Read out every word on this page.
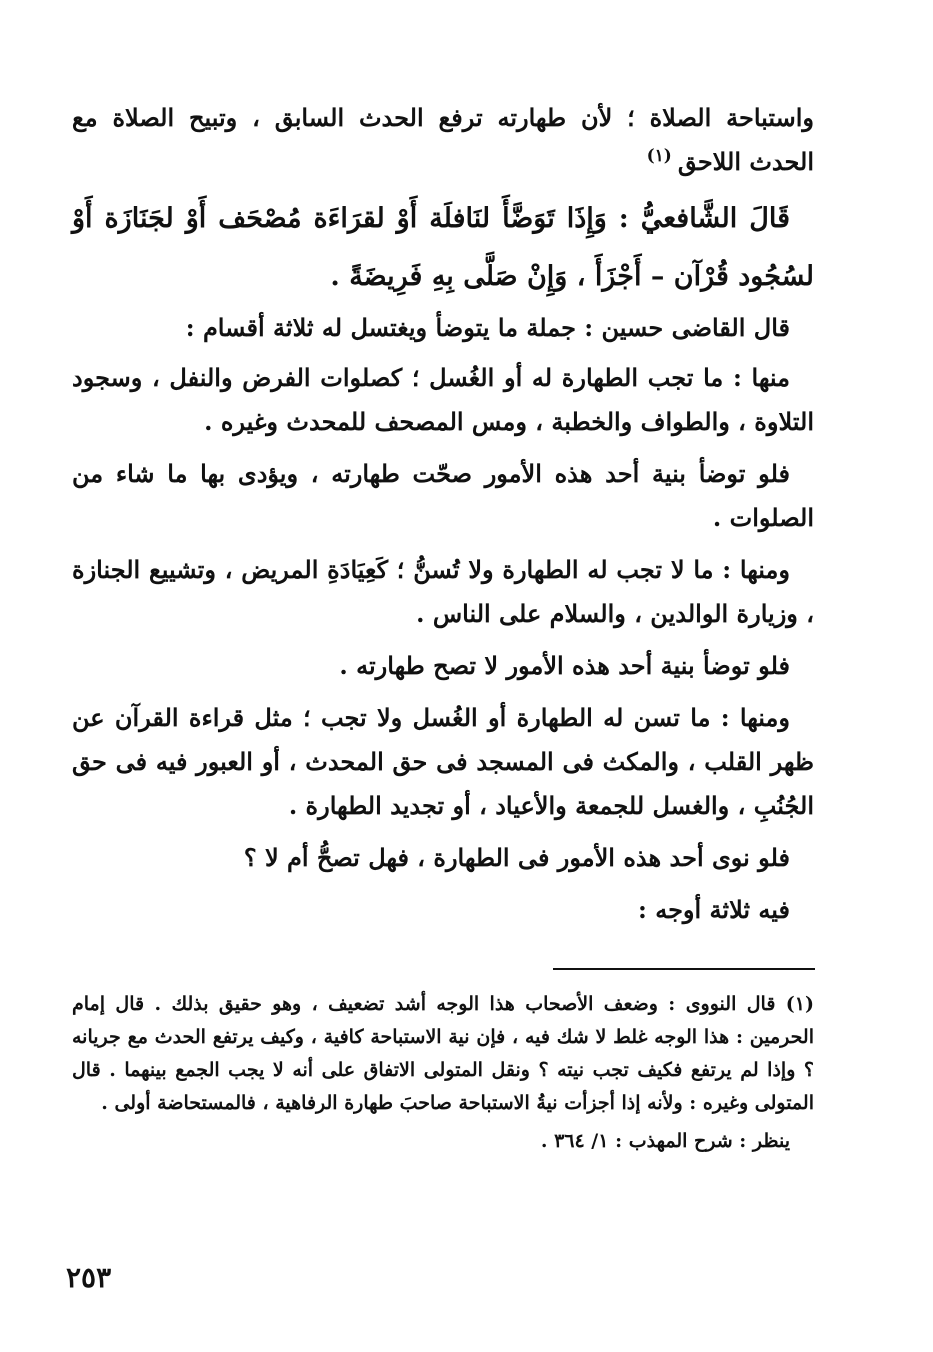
واستباحة الصلاة ؛ لأن طهارته ترفع الحدث السابق ، وتبيح الصلاة مع الحدث اللاحق$^{(١)}$

قَالَ الشَّافعيُّ : وَإِذَا تَوَضَّأَ لنَافلَة أَوْ لقرَاءَة مُصْحَف أَوْ لجَنَازَة أَوْ لسُجُود قُرْآن – أَجْزَأَ ، وَإِنْ صَلَّى بِهِ فَرِيضَةً .

قال القاضى حسين : جملة ما يتوضأ ويغتسل له ثلاثة أقسام :

منها : ما تجب الطهارة له أو الغُسل ؛ كصلوات الفرض والنفل ، وسجود التلاوة ، والطواف والخطبة ، ومس المصحف للمحدث وغيره .

فلو توضأ بنية أحد هذه الأمور صحّت طهارته ، ويؤدى بها ما شاء من الصلوات .

ومنها : ما لا تجب له الطهارة ولا تُسنُّ ؛ كَعِيَادَةِ المريض ، وتشييع الجنازة ، وزيارة الوالدين ، والسلام على الناس .

فلو توضأ بنية أحد هذه الأمور لا تصح طهارته .

ومنها : ما تسن له الطهارة أو الغُسل ولا تجب ؛ مثل قراءة القرآن عن ظهر القلب ، والمكث فى المسجد فى حق المحدث ، أو العبور فيه فى حق الجُنُبِ ، والغسل للجمعة والأعياد ، أو تجديد الطهارة .

فلو نوى أحد هذه الأمور فى الطهارة ، فهل تصحُّ أم لا ؟

فيه ثلاثة أوجه :

(١) قال النووى : وضعف الأصحاب هذا الوجه أشد تضعيف ، وهو حقيق بذلك . قال إمام الحرمين : هذا الوجه غلط لا شك فيه ، فإن نية الاستباحة كافية ، وكيف يرتفع الحدث مع جريانه ؟ وإذا لم يرتفع فكيف تجب نيته ؟ ونقل المتولى الاتفاق على أنه لا يجب الجمع بينهما . قال المتولى وغيره : ولأنه إذا أجزأت نيةُ الاستباحة صاحبَ طهارة الرفاهية ، فالمستحاضة أولى .

ينظر : شرح المهذب : ١/ ٣٦٤ .

٢٥٣
